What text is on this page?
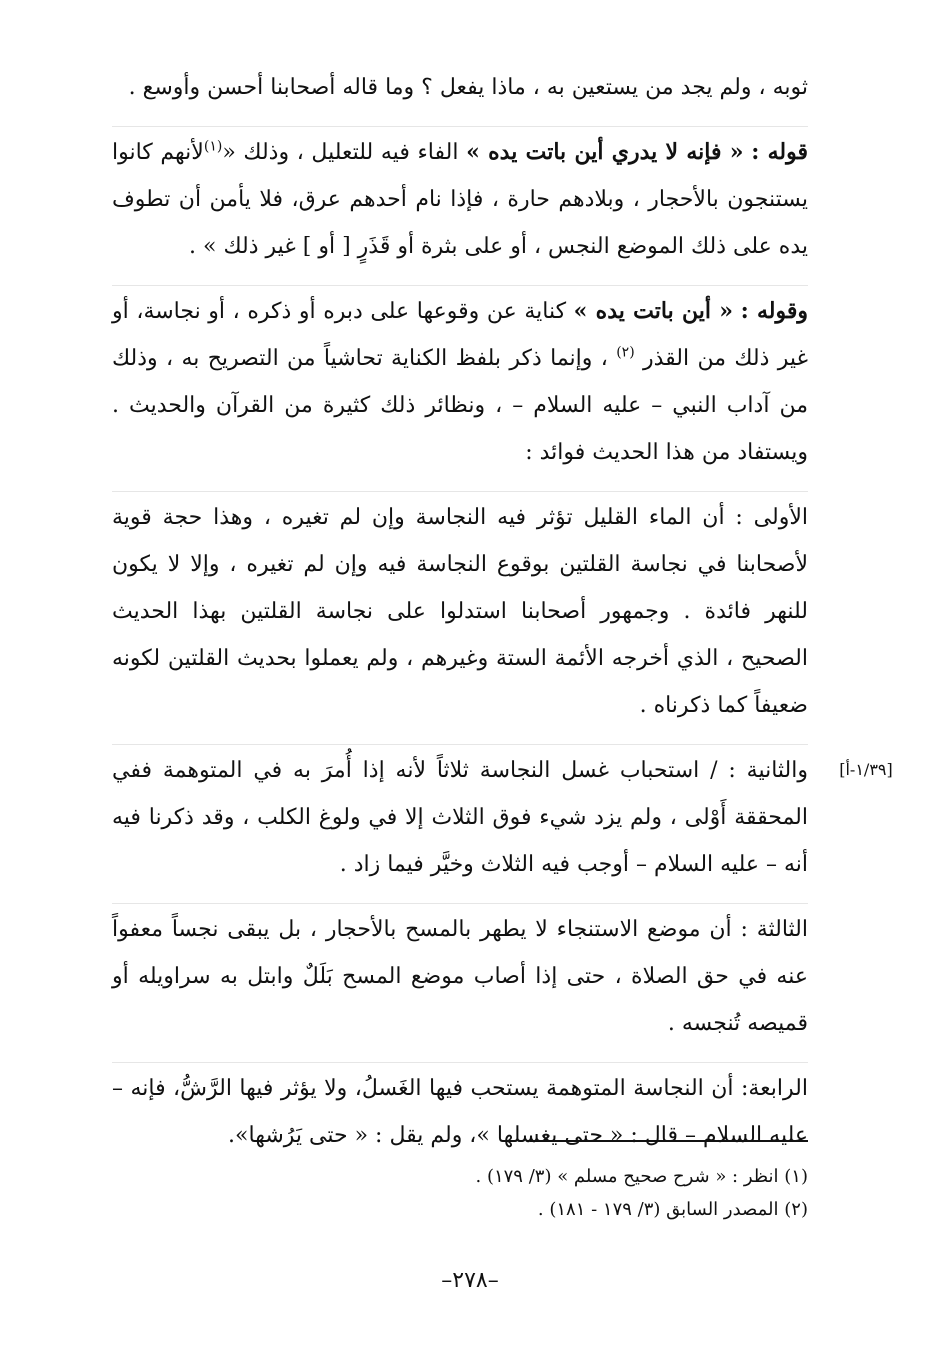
ثوبه ، ولم يجد من يستعين به ، ماذا يفعل ؟ وما قاله أصحابنا أحسن وأوسع .

قوله : « فإنه لا يدري أين باتت يده » الفاء فيه للتعليل ، وذلك «$^{(١)}$لأنهم كانوا يستنجون بالأحجار ، وبلادهم حارة ، فإذا نام أحدهم عرق، فلا يأمن أن تطوف يده على ذلك الموضع النجس ، أو على بثرة أو قَذَرٍ [ أو ] غير ذلك » .

وقوله : « أين باتت يده » كناية عن وقوعها على دبره أو ذكره ، أو نجاسة، أو غير ذلك من القذر $^{(٢)}$ ، وإنما ذكر بلفظ الكناية تحاشياً من التصريح به ، وذلك من آداب النبي – عليه السلام – ، ونظائر ذلك كثيرة من القرآن والحديث . ويستفاد من هذا الحديث فوائد :

الأولى : أن الماء القليل تؤثر فيه النجاسة وإن لم تغيره ، وهذا حجة قوية لأصحابنا في نجاسة القلتين بوقوع النجاسة فيه وإن لم تغيره ، وإلا لا يكون للنهر فائدة . وجمهور أصحابنا استدلوا على نجاسة القلتين بهذا الحديث الصحيح ، الذي أخرجه الأئمة الستة وغيرهم ، ولم يعملوا بحديث القلتين لكونه ضعيفاً كما ذكرناه .

والثانية : / استحباب غسل النجاسة ثلاثاً لأنه إذا أُمرَ به في المتوهمة ففي المحققة أَوْلى ، ولم يزد شيء فوق الثلاث إلا في ولوغ الكلب ، وقد ذكرنا فيه أنه – عليه السلام – أوجب فيه الثلاث وخيَّر فيما زاد .

الثالثة : أن موضع الاستنجاء لا يطهر بالمسح بالأحجار ، بل يبقى نجساً معفواً عنه في حق الصلاة ، حتى إذا أصاب موضع المسح بَلَلٌ وابتل به سراويله أو قميصه تُنجسه .

الرابعة: أن النجاسة المتوهمة يستحب فيها الغَسلُ، ولا يؤثر فيها الرَّشُّ، فإنه – عليه السلام – قال : « حتى يغسلها »، ولم يقل : « حتى يَرُشها».

[١/٣٩-أ]

(١) انظر : « شرح صحيح مسلم » (٣/ ١٧٩) .

(٢) المصدر السابق (٣/ ١٧٩ - ١٨١) .

–٢٧٨–
